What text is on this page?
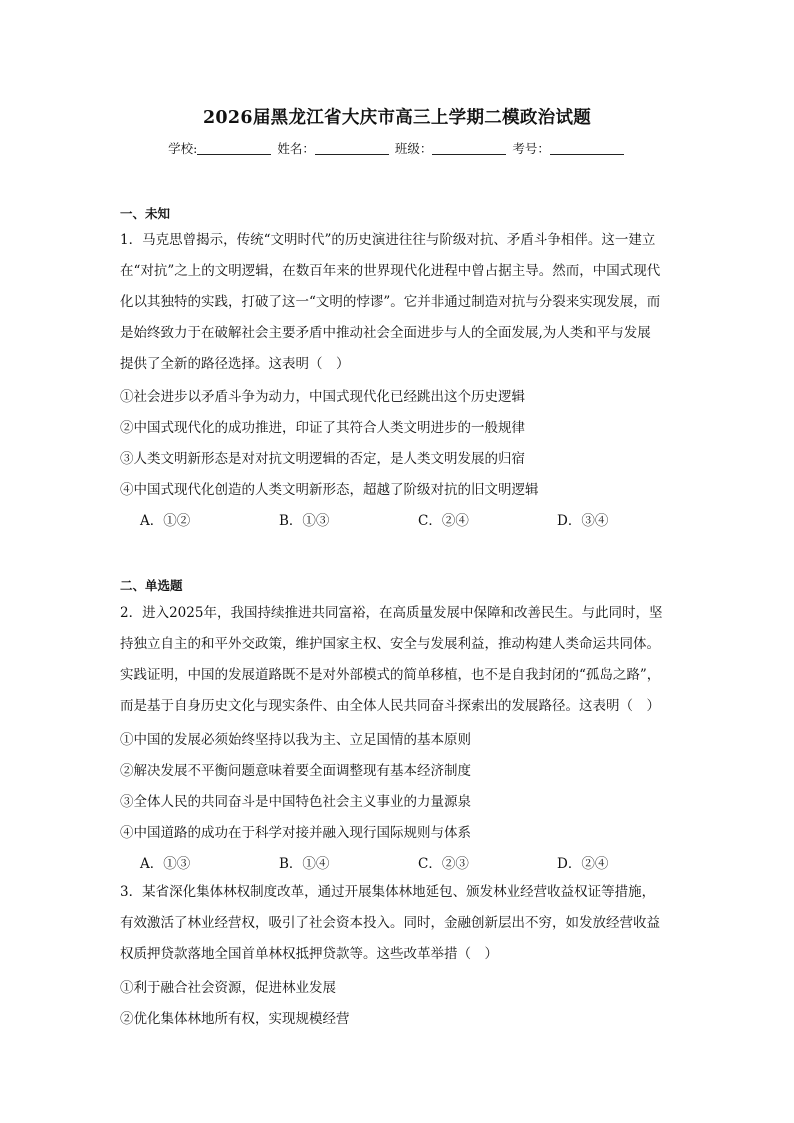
2026届黑龙江省大庆市高三上学期二模政治试题
学校:	姓名：	班级：	考号：
一、未知
1．马克思曾揭示，传统“文明时代”的历史演进往往与阶级对抗、矛盾斗争相伴。这一建立
在“对抗”之上的文明逻辑，在数百年来的世界现代化进程中曾占据主导。然而，中国式现代
化以其独特的实践，打破了这一“文明的悖谬”。它并非通过制造对抗与分裂来实现发展，而
是始终致力于在破解社会主要矛盾中推动社会全面进步与人的全面发展,为人类和平与发展
提供了全新的路径选择。这表明（　）
①社会进步以矛盾斗争为动力，中国式现代化已经跳出这个历史逻辑
②中国式现代化的成功推进，印证了其符合人类文明进步的一般规律
③人类文明新形态是对对抗文明逻辑的否定，是人类文明发展的归宿
④中国式现代化创造的人类文明新形态，超越了阶级对抗的旧文明逻辑
A．①②	B．①③	C．②④	D．③④
二、单选题
2．进入2025年，我国持续推进共同富裕，在高质量发展中保障和改善民生。与此同时，坚
持独立自主的和平外交政策，维护国家主权、安全与发展利益，推动构建人类命运共同体。
实践证明，中国的发展道路既不是对外部模式的简单移植，也不是自我封闭的“孤岛之路”，
而是基于自身历史文化与现实条件、由全体人民共同奋斗探索出的发展路径。这表明（　）
①中国的发展必须始终坚持以我为主、立足国情的基本原则
②解决发展不平衡问题意味着要全面调整现有基本经济制度
③全体人民的共同奋斗是中国特色社会主义事业的力量源泉
④中国道路的成功在于科学对接并融入现行国际规则与体系
A．①③	B．①④	C．②③	D．②④
3．某省深化集体林权制度改革，通过开展集体林地延包、颁发林业经营收益权证等措施，
有效激活了林业经营权，吸引了社会资本投入。同时，金融创新层出不穷，如发放经营收益
权质押贷款落地全国首单林权抵押贷款等。这些改革举措（　）
①利于融合社会资源，促进林业发展
②优化集体林地所有权，实现规模经营
